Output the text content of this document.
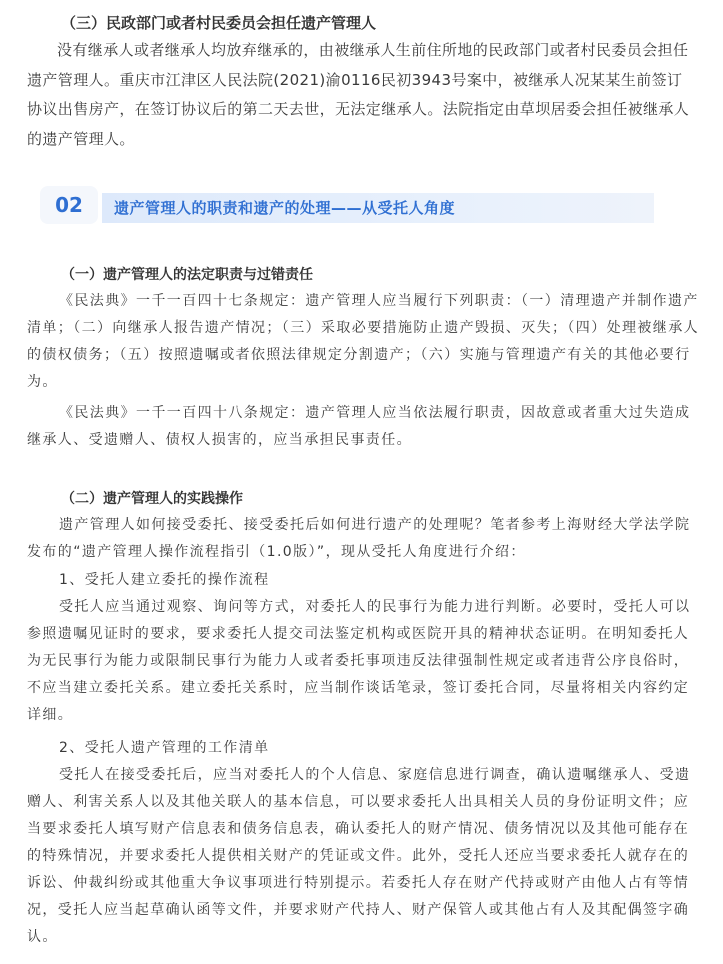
（三）民政部门或者村民委员会担任遗产管理人

没有继承人或者继承人均放弃继承的，由被继承人生前住所地的民政部门或者村民委员会担任遗产管理人。重庆市江津区人民法院(2021)渝0116民初3943号案中，被继承人况某某生前签订协议出售房产，在签订协议后的第二天去世，无法定继承人。法院指定由草坝居委会担任被继承人的遗产管理人。

02	遗产管理人的职责和遗产的处理——从受托人角度
（一）遗产管理人的法定职责与过错责任

《民法典》一千一百四十七条规定：遗产管理人应当履行下列职责：（一）清理遗产并制作遗产清单；（二）向继承人报告遗产情况；（三）采取必要措施防止遗产毁损、灭失；（四）处理被继承人的债权债务；（五）按照遗嘱或者依照法律规定分割遗产；（六）实施与管理遗产有关的其他必要行为。

《民法典》一千一百四十八条规定：遗产管理人应当依法履行职责，因故意或者重大过失造成继承人、受遗赠人、债权人损害的，应当承担民事责任。

（二）遗产管理人的实践操作

遗产管理人如何接受委托、接受委托后如何进行遗产的处理呢？笔者参考上海财经大学法学院发布的“遗产管理人操作流程指引（1.0版）”，现从受托人角度进行介绍：

1、受托人建立委托的操作流程

受托人应当通过观察、询问等方式，对委托人的民事行为能力进行判断。必要时，受托人可以参照遗嘱见证时的要求，要求委托人提交司法鉴定机构或医院开具的精神状态证明。在明知委托人为无民事行为能力或限制民事行为能力人或者委托事项违反法律强制性规定或者违背公序良俗时，不应当建立委托关系。建立委托关系时，应当制作谈话笔录，签订委托合同，尽量将相关内容约定详细。

2、受托人遗产管理的工作清单

受托人在接受委托后，应当对委托人的个人信息、家庭信息进行调查，确认遗嘱继承人、受遗赠人、利害关系人以及其他关联人的基本信息，可以要求委托人出具相关人员的身份证明文件；应当要求委托人填写财产信息表和债务信息表，确认委托人的财产情况、债务情况以及其他可能存在的特殊情况，并要求委托人提供相关财产的凭证或文件。此外，受托人还应当要求委托人就存在的诉讼、仲裁纠纷或其他重大争议事项进行特别提示。若委托人存在财产代持或财产由他人占有等情况，受托人应当起草确认函等文件，并要求财产代持人、财产保管人或其他占有人及其配偶签字确认。
